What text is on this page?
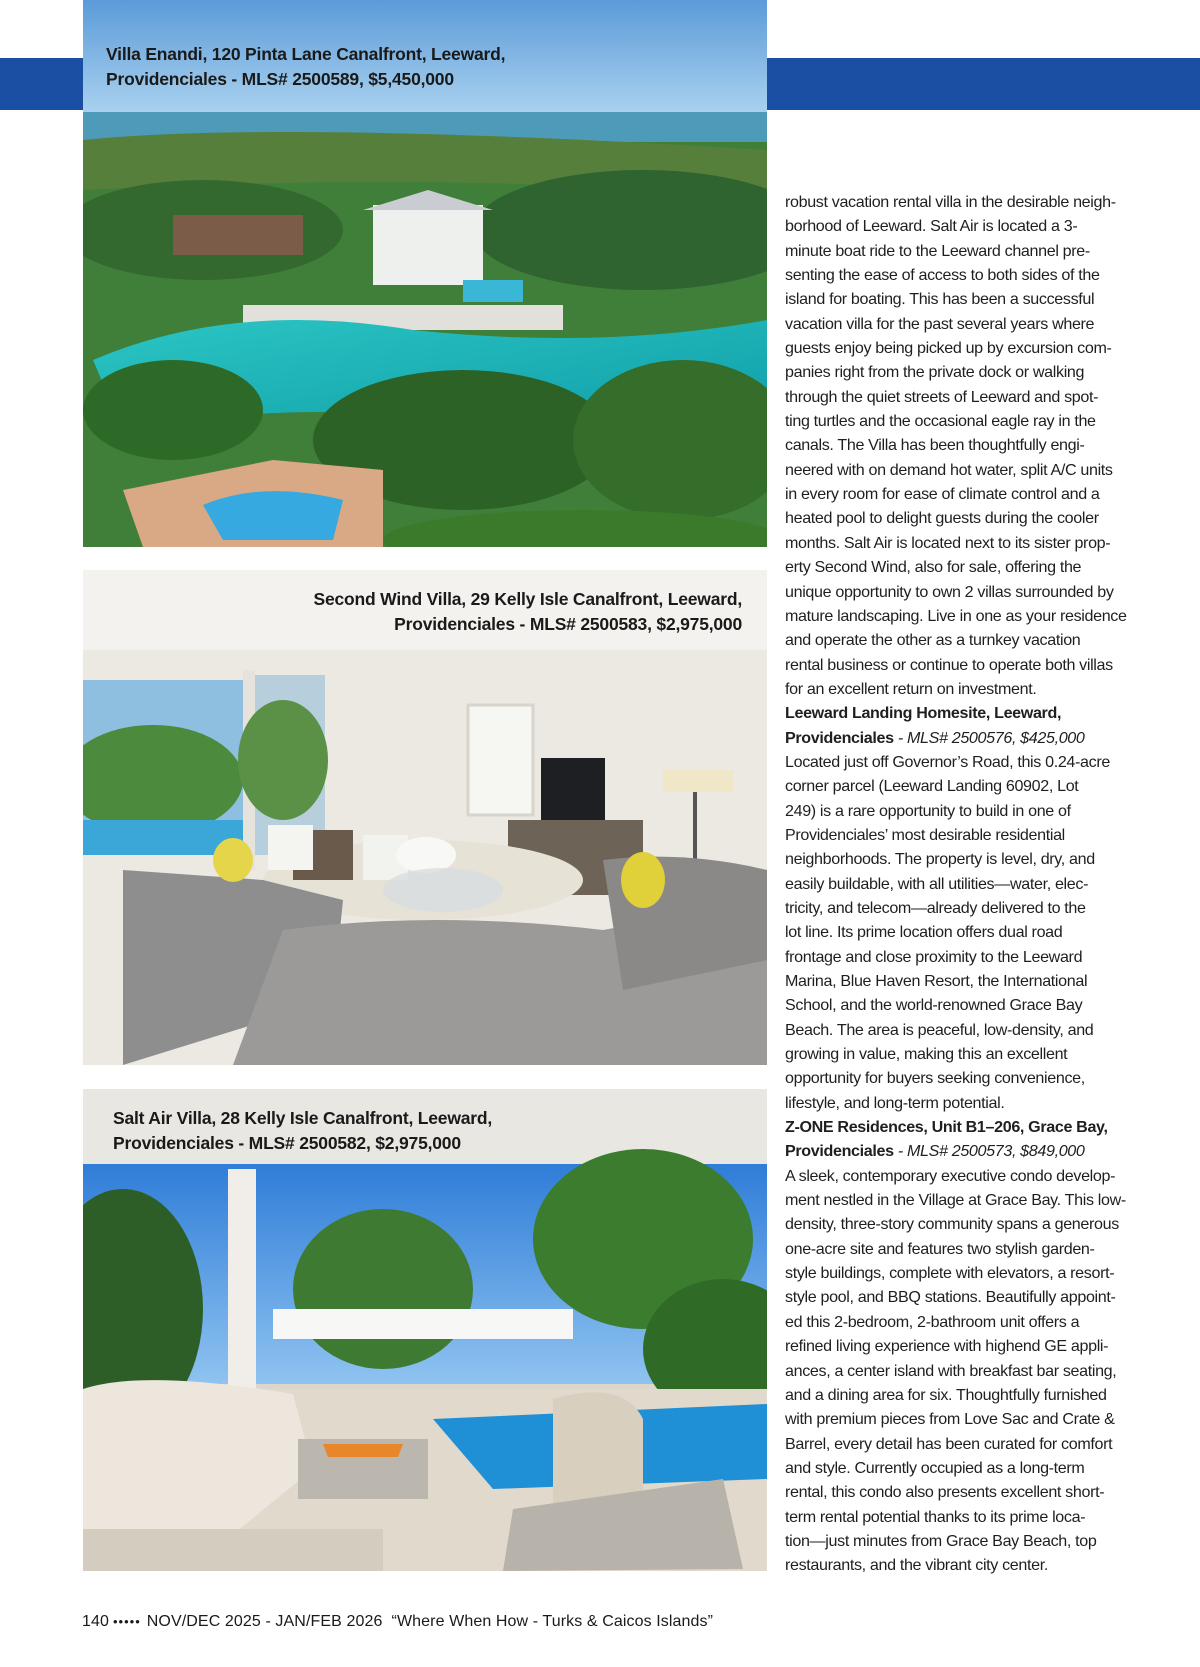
Villa Enandi, 120 Pinta Lane Canalfront, Leeward,
Providenciales - MLS# 2500589, $5,450,000
Second Wind Villa, 29 Kelly Isle Canalfront, Leeward,
Providenciales - MLS# 2500583, $2,975,000
Salt Air Villa, 28 Kelly Isle Canalfront, Leeward,
Providenciales - MLS# 2500582, $2,975,000
robust vacation rental villa in the desirable neigh-
borhood of Leeward. Salt Air is located a 3-
minute boat ride to the Leeward channel pre-
senting the ease of access to both sides of the
island for boating. This has been a successful
vacation villa for the past several years where
guests enjoy being picked up by excursion com-
panies right from the private dock or walking
through the quiet streets of Leeward and spot-
ting turtles and the occasional eagle ray in the
canals. The Villa has been thoughtfully engi-
neered with on demand hot water, split A/C units
in every room for ease of climate control and a
heated pool to delight guests during the cooler
months. Salt Air is located next to its sister prop-
erty Second Wind, also for sale, offering the
unique opportunity to own 2 villas surrounded by
mature landscaping. Live in one as your residence
and operate the other as a turnkey vacation
rental business or continue to operate both villas
for an excellent return on investment.
Leeward Landing Homesite, Leeward,
Providenciales - MLS# 2500576, $425,000
Located just off Governor’s Road, this 0.24-acre
corner parcel (Leeward Landing 60902, Lot
249) is a rare opportunity to build in one of
Providenciales’ most desirable residential
neighborhoods. The property is level, dry, and
easily buildable, with all utilities—water, elec-
tricity, and telecom—already delivered to the
lot line. Its prime location offers dual road
frontage and close proximity to the Leeward
Marina, Blue Haven Resort, the International
School, and the world-renowned Grace Bay
Beach. The area is peaceful, low-density, and
growing in value, making this an excellent
opportunity for buyers seeking convenience,
lifestyle, and long-term potential.
Z-ONE Residences, Unit B1–206, Grace Bay,
Providenciales - MLS# 2500573, $849,000
A sleek, contemporary executive condo develop-
ment nestled in the Village at Grace Bay. This low-
density, three-story community spans a generous
one-acre site and features two stylish garden-
style buildings, complete with elevators, a resort-
style pool, and BBQ stations. Beautifully appoint-
ed this 2-bedroom, 2-bathroom unit offers a
refined living experience with highend GE appli-
ances, a center island with breakfast bar seating,
and a dining area for six. Thoughtfully furnished
with premium pieces from Love Sac and Crate &
Barrel, every detail has been curated for comfort
and style. Currently occupied as a long-term
rental, this condo also presents excellent short-
term rental potential thanks to its prime loca-
tion—just minutes from Grace Bay Beach, top
restaurants, and the vibrant city center.
140 ••••• NOV/DEC 2025 - JAN/FEB 2026 “Where When How - Turks & Caicos Islands”
